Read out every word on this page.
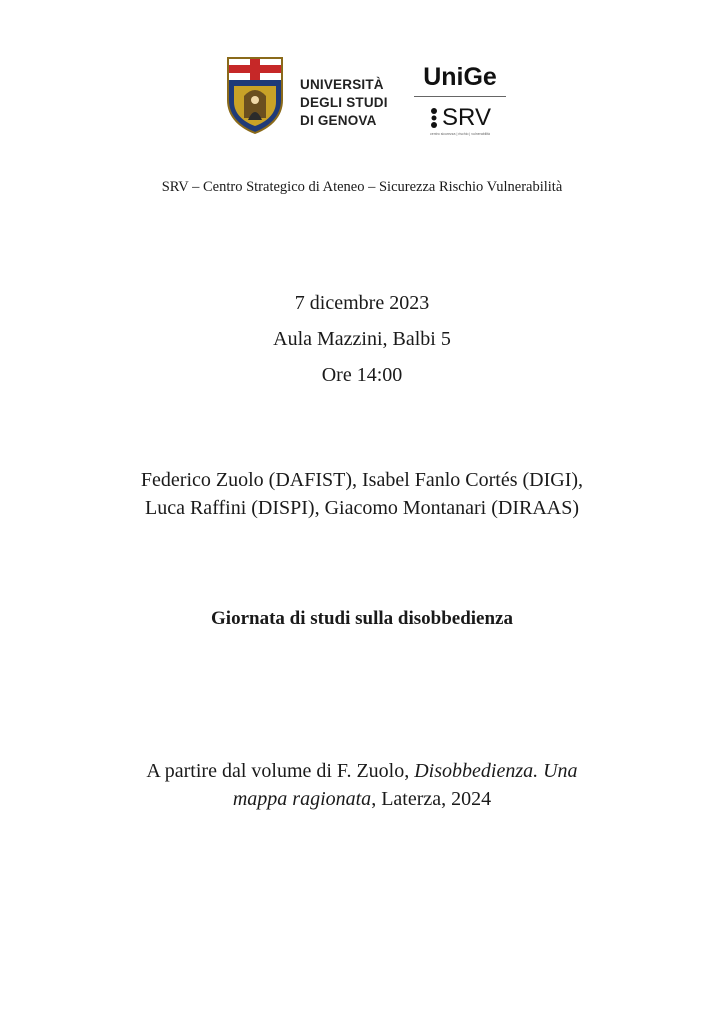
UNIVERSITÀ
DEGLI STUDI
DI GENOVA
UniGe
SRV
centro sicurezza | rischio | vulnerabilità
SRV – Centro Strategico di Ateneo – Sicurezza Rischio Vulnerabilità
7 dicembre 2023
Aula Mazzini, Balbi 5
Ore 14:00
Federico Zuolo (DAFIST), Isabel Fanlo Cortés (DIGI),
Luca Raffini (DISPI), Giacomo Montanari (DIRAAS)
Giornata di studi sulla disobbedienza
A partire dal volume di F. Zuolo, Disobbedienza. Una
mappa ragionata, Laterza, 2024
